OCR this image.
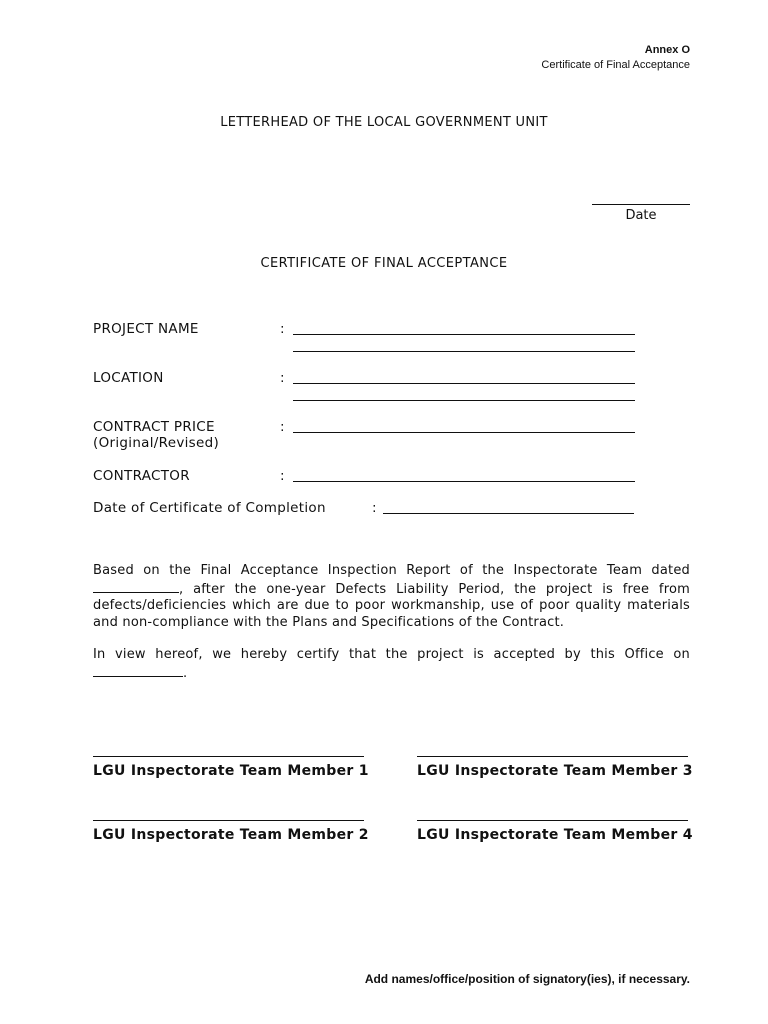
Annex O
Certificate of Final Acceptance
LETTERHEAD OF THE LOCAL GOVERNMENT UNIT
Date
CERTIFICATE OF FINAL ACCEPTANCE
PROJECT NAME	:
LOCATION	:
CONTRACT PRICE
(Original/Revised)
:
CONTRACTOR	:
Date of Certificate of Completion	:

Based on the Final Acceptance Inspection Report of the Inspectorate Team dated , after the one-year Defects Liability Period, the project is free from defects/deficiencies which are due to poor workmanship, use of poor quality materials and non-compliance with the Plans and Specifications of the Contract.

In view hereof, we hereby certify that the project is accepted by this Office on .

LGU Inspectorate Team Member 1	LGU Inspectorate Team Member 3
LGU Inspectorate Team Member 2	LGU Inspectorate Team Member 4
Add names/office/position of signatory(ies), if necessary.
